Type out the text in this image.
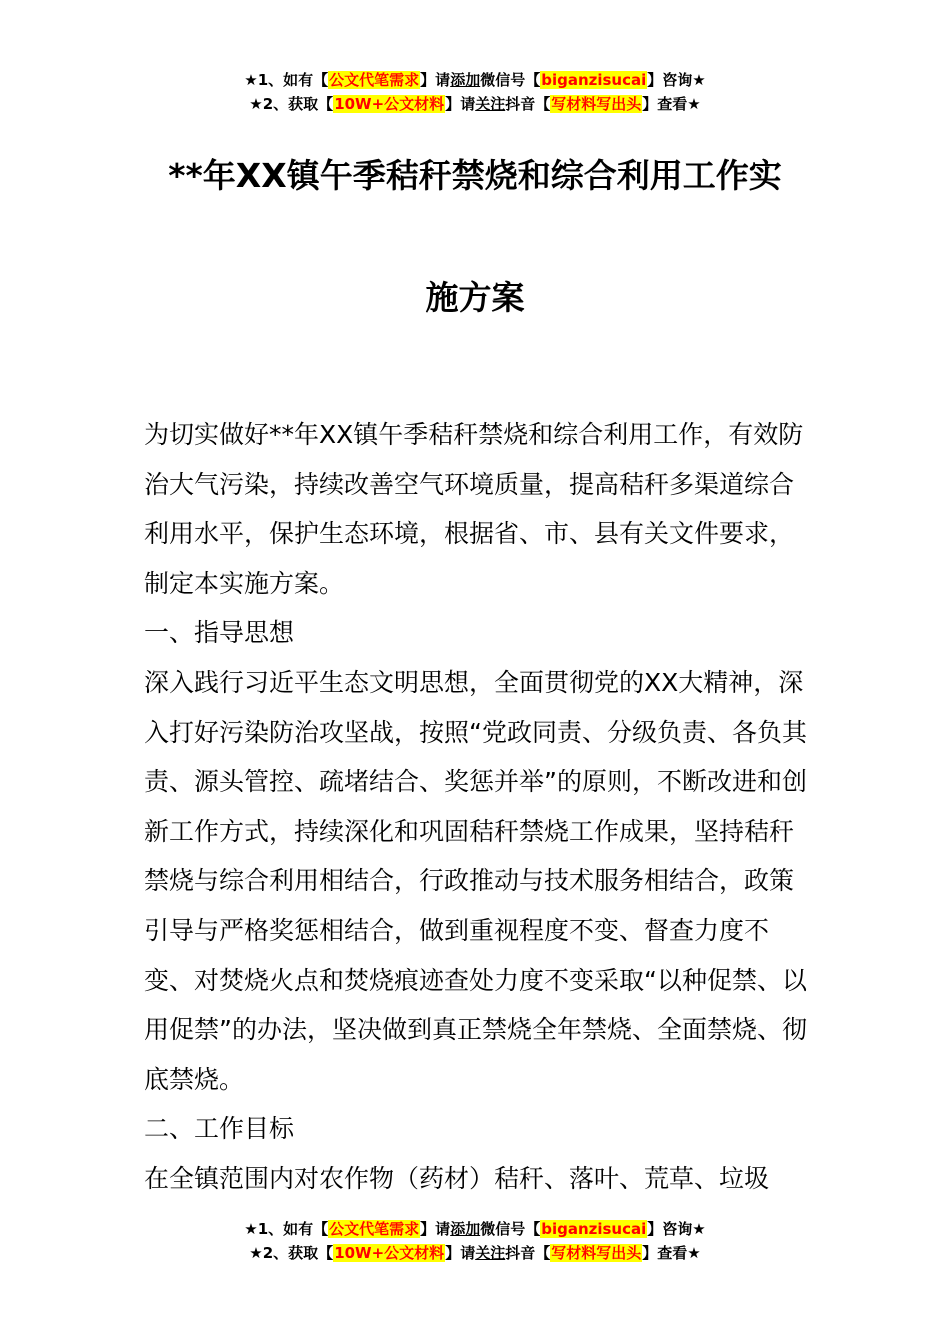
★1、如有【公文代笔需求】请添加微信号【biganzisucai】咨询★
★2、获取【10W+公文材料】请关注抖音【写材料写出头】查看★
**年XX镇午季秸秆禁烧和综合利用工作实
施方案

为切实做好**年XX镇午季秸秆禁烧和综合利用工作，有效防治大气污染，持续改善空气环境质量，提高秸秆多渠道综合利用水平，保护生态环境，根据省、市、县有关文件要求，制定本实施方案。

一、指导思想

深入践行习近平生态文明思想，全面贯彻党的XX大精神，深入打好污染防治攻坚战，按照“党政同责、分级负责、各负其责、源头管控、疏堵结合、奖惩并举”的原则，不断改进和创新工作方式，持续深化和巩固秸秆禁烧工作成果，坚持秸秆禁烧与综合利用相结合，行政推动与技术服务相结合，政策引导与严格奖惩相结合，做到重视程度不变、督查力度不变、对焚烧火点和焚烧痕迹查处力度不变采取“以种促禁、以用促禁”的办法，坚决做到真正禁烧全年禁烧、全面禁烧、彻底禁烧。

二、工作目标

在全镇范围内对农作物（药材）秸秆、落叶、荒草、垃圾

★1、如有【公文代笔需求】请添加微信号【biganzisucai】咨询★
★2、获取【10W+公文材料】请关注抖音【写材料写出头】查看★
